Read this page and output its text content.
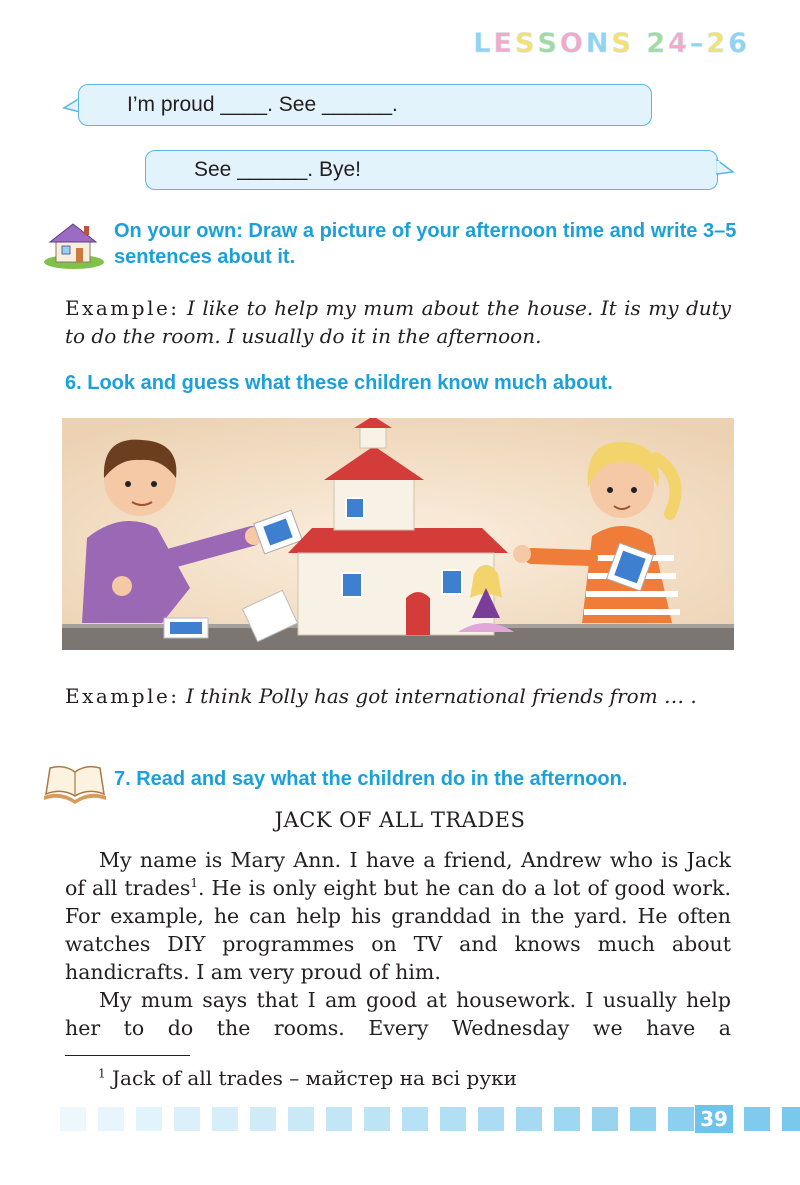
LESSONS 24–26
I’m proud ____. See ______.
See ______. Bye!
On your own: Draw a picture of your afternoon time and write 3–5 sentences about it.
Example: I like to help my mum about the house. It is my duty to do the room. I usually do it in the afternoon.
6. Look and guess what these children know much about.
Example: I think Polly has got international friends from … .
7. Read and say what the children do in the afternoon.
JACK OF ALL TRADES

My name is Mary Ann. I have a friend, Andrew who is Jack of all trades$^1$. He is only eight but he can do a lot of good work. For example, he can help his granddad in the yard. He often watches DIY programmes on TV and knows much about handicrafts. I am very proud of him.

My mum says that I am good at housework. I usually help her to do the rooms. Every Wednesday we have a

$^1$ Jack of all trades – майстер на всі руки
39
